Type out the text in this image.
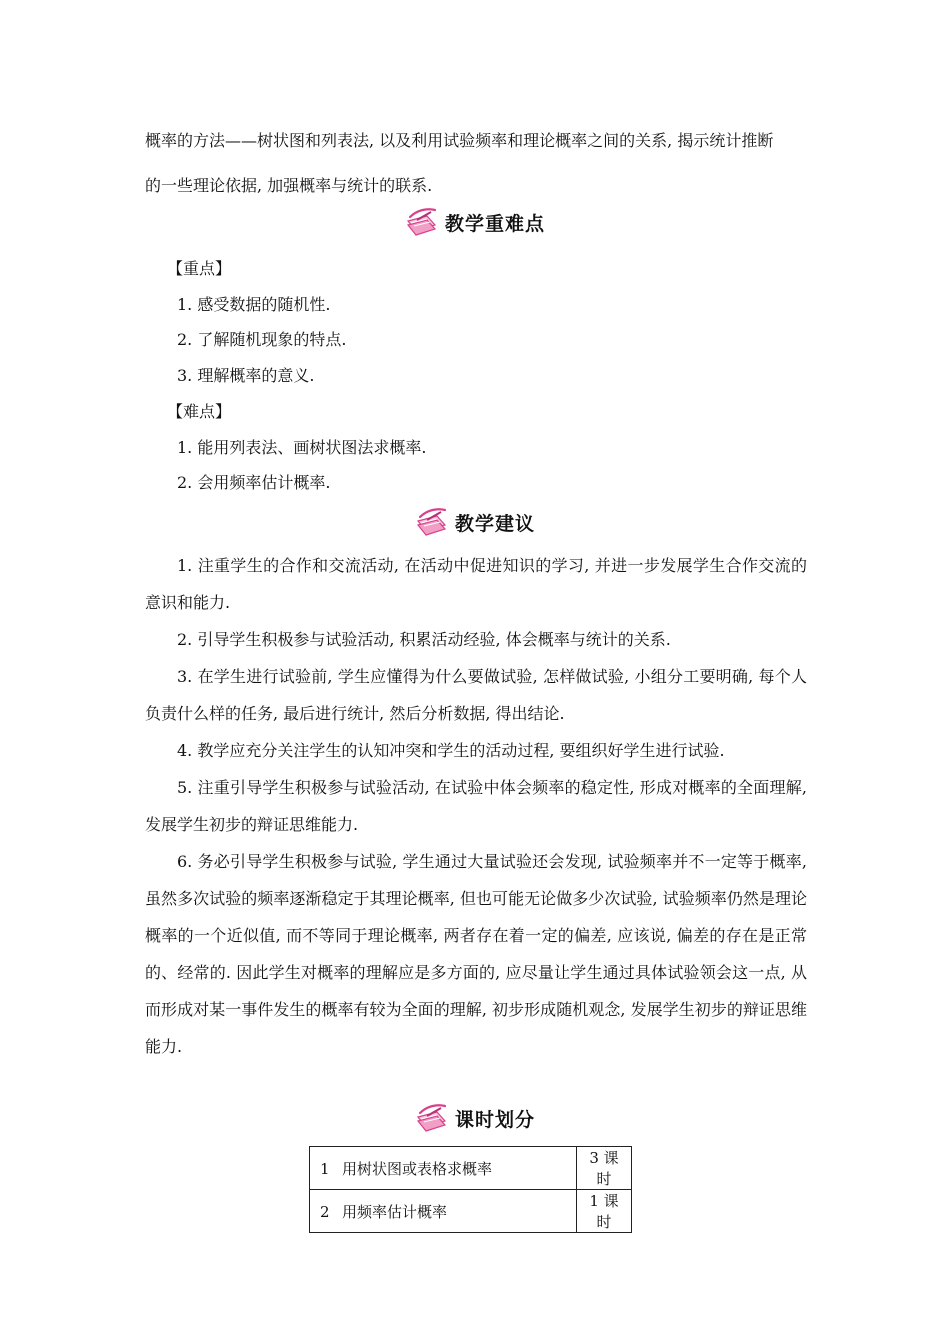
概率的方法——树状图和列表法, 以及利用试验频率和理论概率之间的关系, 揭示统计推断

的一些理论依据, 加强概率与统计的联系.

教学重难点

【重点】

1. 感受数据的随机性.

2. 了解随机现象的特点.

3. 理解概率的意义.

【难点】

1. 能用列表法、画树状图法求概率.

2. 会用频率估计概率.

教学建议

1. 注重学生的合作和交流活动, 在活动中促进知识的学习, 并进一步发展学生合作交流的意识和能力.

2. 引导学生积极参与试验活动, 积累活动经验, 体会概率与统计的关系.

3. 在学生进行试验前, 学生应懂得为什么要做试验, 怎样做试验, 小组分工要明确, 每个人负责什么样的任务, 最后进行统计, 然后分析数据, 得出结论.

4. 教学应充分关注学生的认知冲突和学生的活动过程, 要组织好学生进行试验.

5. 注重引导学生积极参与试验活动, 在试验中体会频率的稳定性, 形成对概率的全面理解, 发展学生初步的辩证思维能力.

6. 务必引导学生积极参与试验, 学生通过大量试验还会发现, 试验频率并不一定等于概率, 虽然多次试验的频率逐渐稳定于其理论概率, 但也可能无论做多少次试验, 试验频率仍然是理论概率的一个近似值, 而不等同于理论概率, 两者存在着一定的偏差, 应该说, 偏差的存在是正常的、经常的. 因此学生对概率的理解应是多方面的, 应尽量让学生通过具体试验领会这一点, 从而形成对某一事件发生的概率有较为全面的理解, 初步形成随机观念, 发展学生初步的辩证思维能力.

课时划分
1 用树状图或表格求概率	3 课时
2 用频率估计概率	1 课时
